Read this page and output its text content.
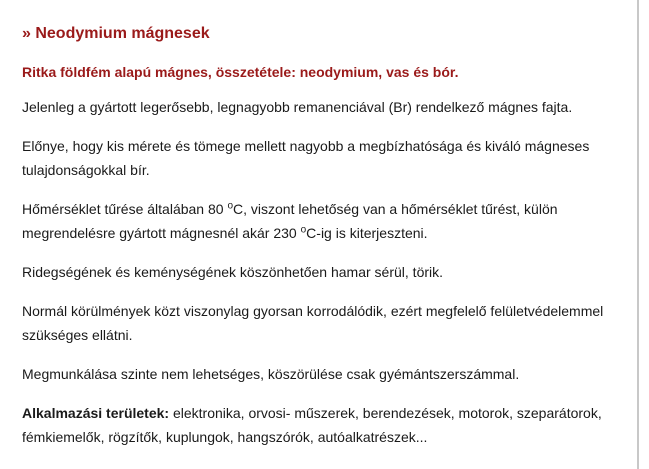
» Neodymium mágnesek
Ritka földfém alapú mágnes, összetétele: neodymium, vas és bór.

Jelenleg a gyártott legerősebb, legnagyobb remanenciával (Br) rendelkező mágnes fajta.

Előnye, hogy kis mérete és tömege mellett nagyobb a megbízhatósága és kiváló mágneses tulajdonságokkal bír.

Hőmérséklet tűrése általában 80 $^o$C, viszont lehetőség van a hőmérséklet tűrést, külön megrendelésre gyártott mágnesnél akár 230 $^o$C-ig is kiterjeszteni.

Ridegségének és keménységének köszönhetően hamar sérül, törik.

Normál körülmények közt viszonylag gyorsan korrodálódik, ezért megfelelő felületvédelemmel szükséges ellátni.

Megmunkálása szinte nem lehetséges, köszörülése csak gyémántszerszámmal.

Alkalmazási területek: elektronika, orvosi- műszerek, berendezések, motorok, szeparátorok, fémkiemelők, rögzítők, kuplungok, hangszórók, autóalkatrészek...
